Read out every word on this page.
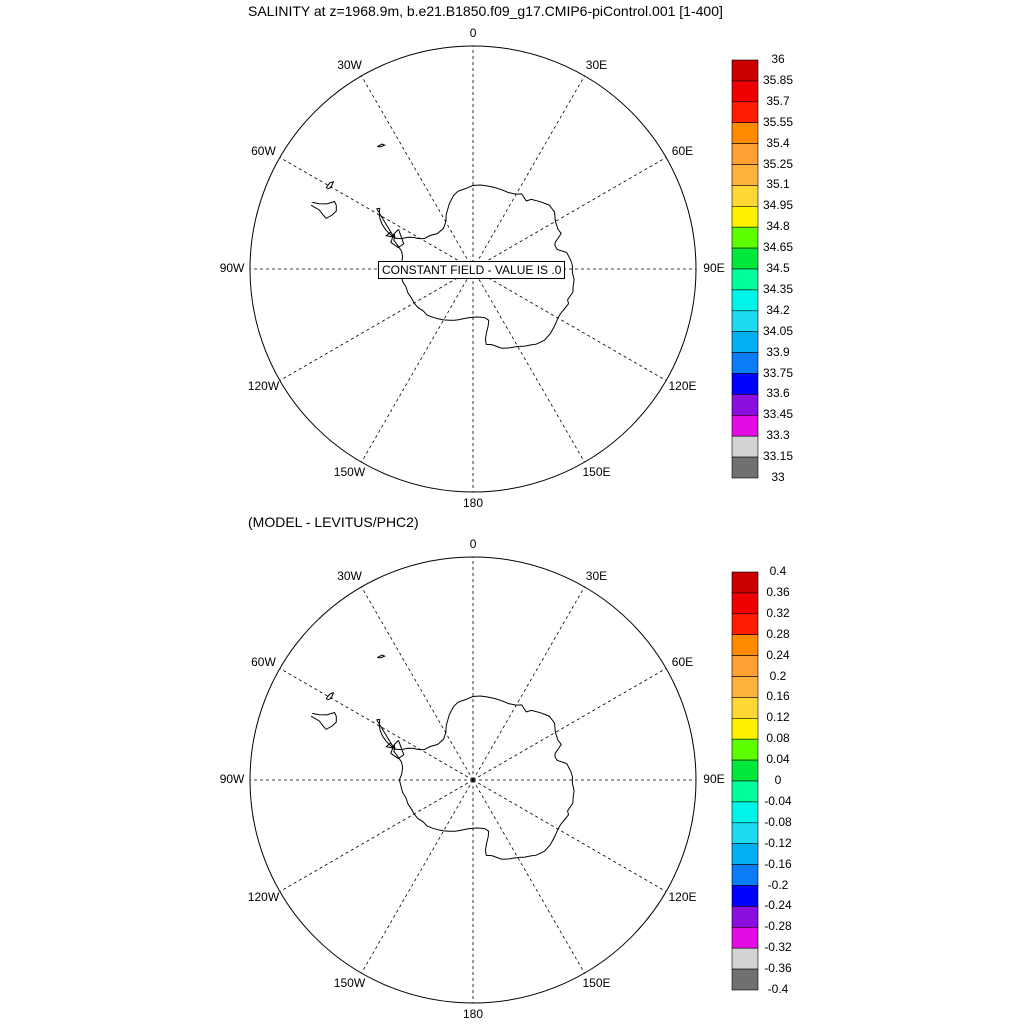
SALINITY at z=1968.9m, b.e21.B1850.f09_g17.CMIP6-piControl.001 [1-400]
(MODEL - LEVITUS/PHC2)
0
30E
60E
90E
120E
150E
180
150W
120W
90W
60W
30W
0
30E
60E
90E
120E
150E
180
150W
120W
90W
60W
30W
36
35.85
35.7
35.55
35.4
35.25
35.1
34.95
34.8
34.65
34.5
34.35
34.2
34.05
33.9
33.75
33.6
33.45
33.3
33.15
33
0.4
0.36
0.32
0.28
0.24
0.2
0.16
0.12
0.08
0.04
0
-0.04
-0.08
-0.12
-0.16
-0.2
-0.24
-0.28
-0.32
-0.36
-0.4
CONSTANT FIELD - VALUE IS .0
